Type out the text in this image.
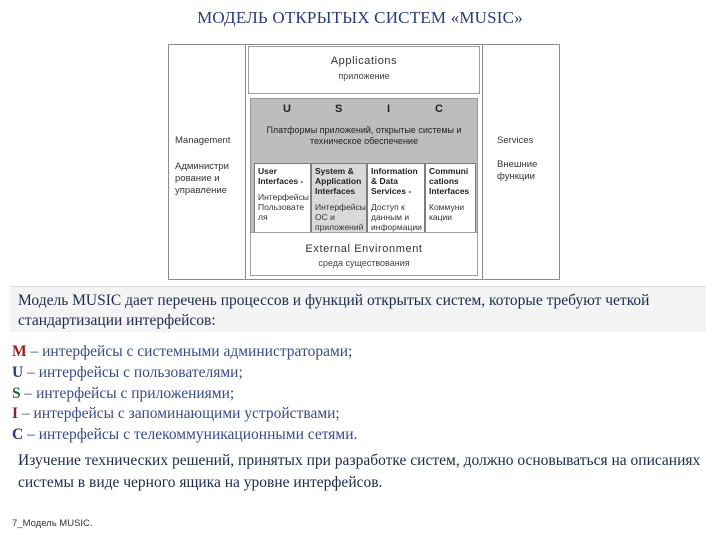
МОДЕЛЬ ОТКРЫТЫХ СИСТЕМ «MUSIC»
Management
Администри
рование и
управление
Services
Внешние
функции
Applications
приложение
U	S	I	C
Платформы приложений, открытые системы и техническое обеспечение
User
Interfaces -
Интерфейсы
Пользовате
ля
System &
Application
Interfaces
Интерфейсы
ОС и
приложений
Information
& Data
Services -
Доступ к
данным и
информации
Communi
cations
Interfaces
Коммуни
кации
External Environment
среда существования
Модель MUSIC дает перечень процессов и функций открытых систем, которые требуют четкой стандартизации интерфейсов:
M – интерфейсы с системными администраторами;
U – интерфейсы с пользователями;
S – интерфейсы с приложениями;
I – интерфейсы с запоминающими устройствами;
C – интерфейсы с телекоммуникационными сетями.
Изучение технических решений, принятых при разработке систем, должно основываться на описаниях системы в виде черного ящика на уровне интерфейсов.
7_Модель MUSIC.
